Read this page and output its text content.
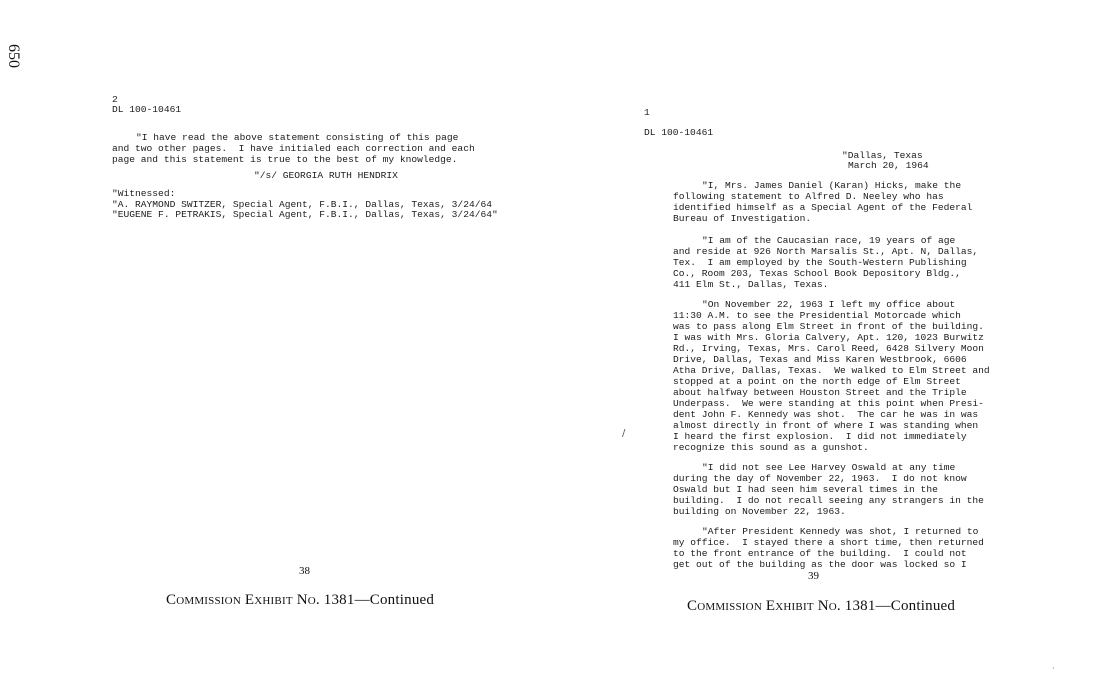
650
2
DL 100-10461
"I have read the above statement consisting of this page
and two other pages.  I have initialed each correction and each
page and this statement is true to the best of my knowledge.
"/s/ GEORGIA RUTH HENDRIX
"Witnessed:
"A. RAYMOND SWITZER, Special Agent, F.B.I., Dallas, Texas, 3/24/64
"EUGENE F. PETRAKIS, Special Agent, F.B.I., Dallas, Texas, 3/24/64"
38
Commission Exhibit No. 1381—Continued
1
DL 100-10461
"Dallas, Texas
March 20, 1964
"I, Mrs. James Daniel (Karan) Hicks, make the
following statement to Alfred D. Neeley who has
identified himself as a Special Agent of the Federal
Bureau of Investigation.
"I am of the Caucasian race, 19 years of age
and reside at 926 North Marsalis St., Apt. N, Dallas,
Tex.  I am employed by the South-Western Publishing
Co., Room 203, Texas School Book Depository Bldg.,
411 Elm St., Dallas, Texas.
"On November 22, 1963 I left my office about
11:30 A.M. to see the Presidential Motorcade which
was to pass along Elm Street in front of the building.
I was with Mrs. Gloria Calvery, Apt. 120, 1023 Burwitz
Rd., Irving, Texas, Mrs. Carol Reed, 6428 Silvery Moon
Drive, Dallas, Texas and Miss Karen Westbrook, 6606
Atha Drive, Dallas, Texas.  We walked to Elm Street and
stopped at a point on the north edge of Elm Street
about halfway between Houston Street and the Triple
Underpass.  We were standing at this point when Presi-
dent John F. Kennedy was shot.  The car he was in was
almost directly in front of where I was standing when
I heard the first explosion.  I did not immediately
recognize this sound as a gunshot.
"I did not see Lee Harvey Oswald at any time
during the day of November 22, 1963.  I do not know
Oswald but I had seen him several times in the
building.  I do not recall seeing any strangers in the
building on November 22, 1963.
"After President Kennedy was shot, I returned to
my office.  I stayed there a short time, then returned
to the front entrance of the building.  I could not
get out of the building as the door was locked so I
39
Commission Exhibit No. 1381—Continued
/
·
